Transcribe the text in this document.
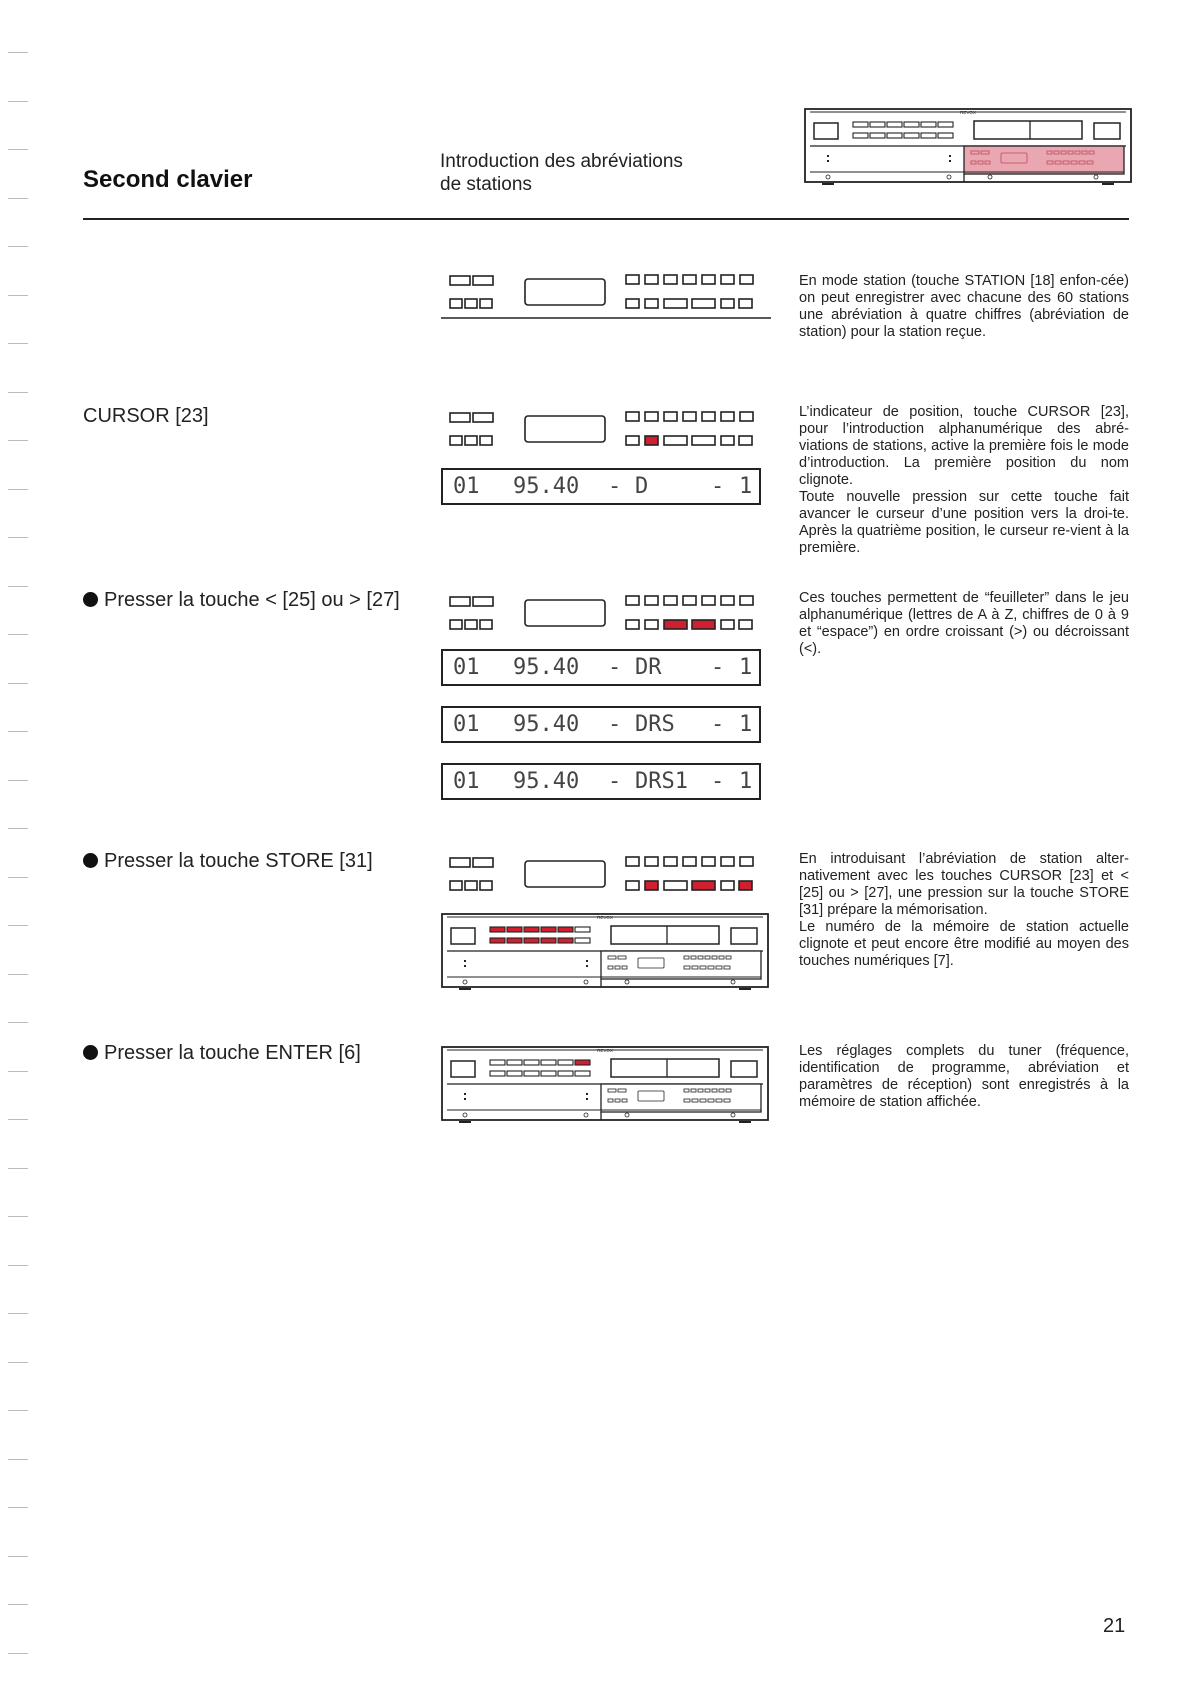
Second clavier
Introduction des abréviations
de stations
REVOX

En mode station (touche STATION [18] enfon-cée) on peut enregistrer avec chacune des 60 stations une abréviation à quatre chiffres (abréviation de station) pour la station reçue.

CURSOR [23]

01

95.40

-

D

	-

1

L’indicateur de position, touche CURSOR [23], pour l’introduction alphanumérique des abré-viations de stations, active la première fois le mode d’introduction. La première position du nom clignote.

Toute nouvelle pression sur cette touche fait avancer le curseur d’une position vers la droi-te. Après la quatrième position, le curseur re-vient à la première.

Presser la touche < [25] ou > [27]

01

95.40

-

DR

-

1

01

95.40

-

DRS

-

1

01

95.40

-

DRS1

-

1

Ces touches permettent de “feuilleter” dans le jeu alphanumérique (lettres de A à Z, chiffres de 0 à 9 et “espace”) en ordre croissant (>) ou décroissant (<).

Presser la touche STORE [31]
REVOX

En introduisant l’abréviation de station alter-nativement avec les touches CURSOR [23] et < [25] ou > [27], une pression sur la touche STORE [31] prépare la mémorisation.

Le numéro de la mémoire de station actuelle clignote et peut encore être modifié au moyen des touches numériques [7].

Presser la touche ENTER [6]	REVOX	Les réglages complets du tuner (fréquence, identification de programme, abréviation et paramètres de réception) sont enregistrés à la mémoire de station affichée.

21
